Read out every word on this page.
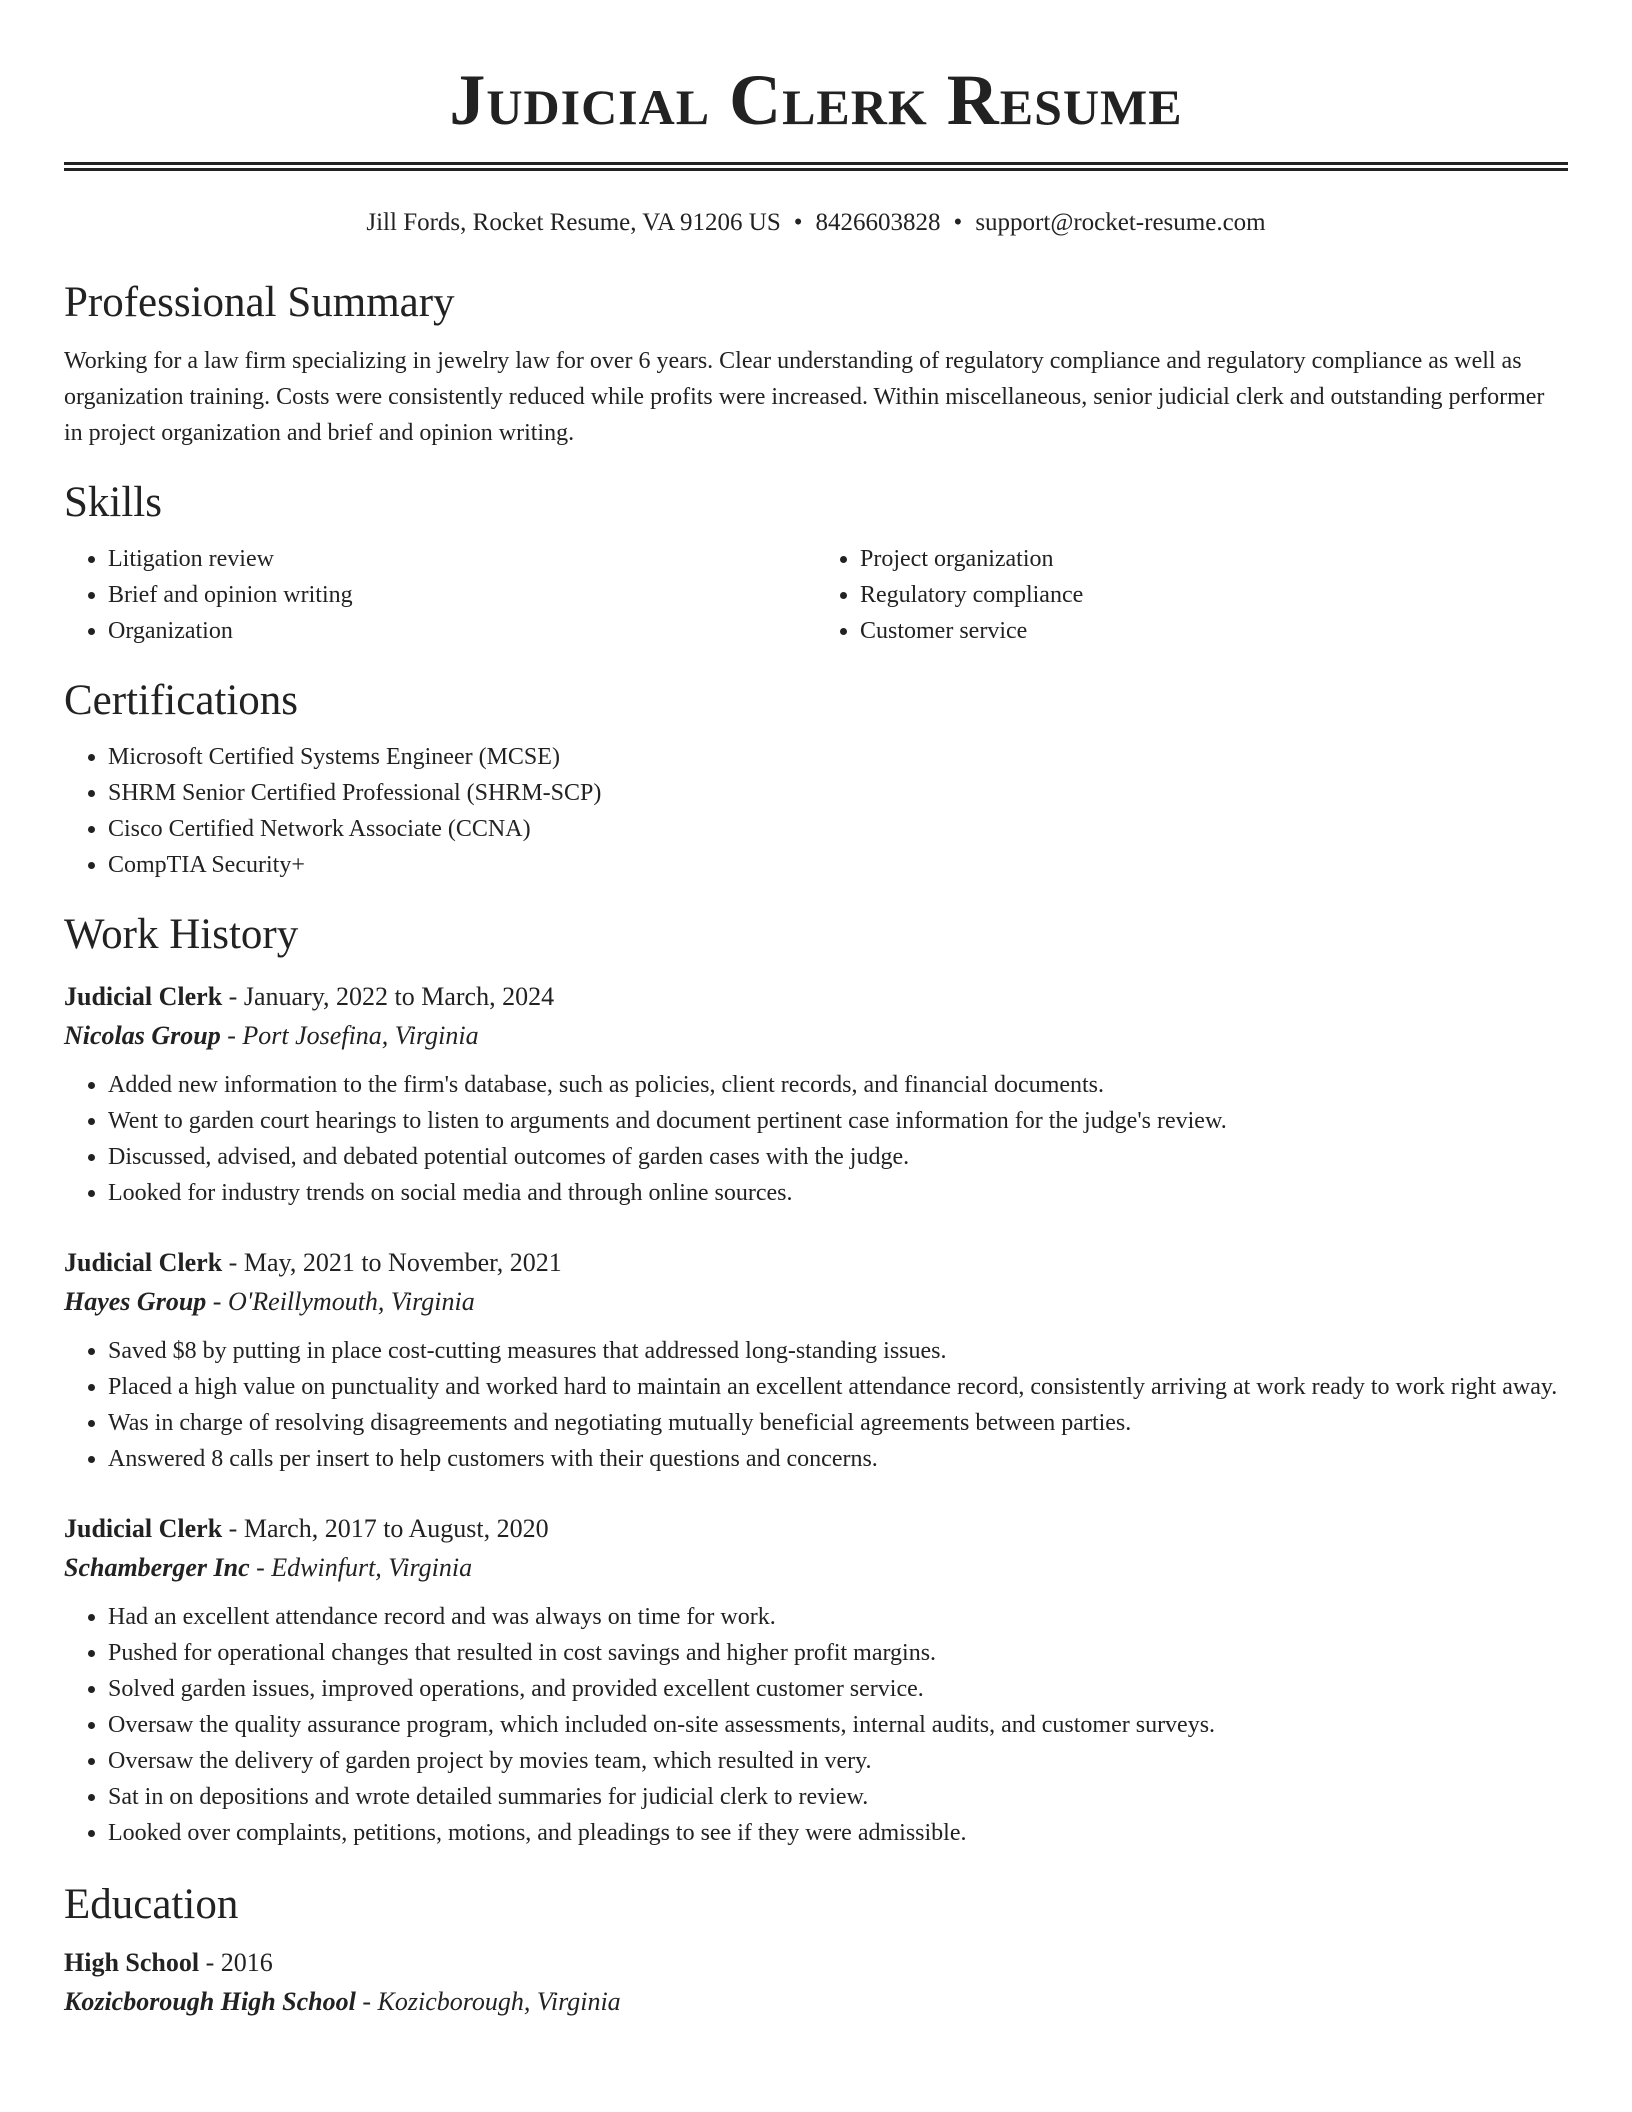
Judicial Clerk Resume
Jill Fords, Rocket Resume, VA 91206 US • 8426603828 • support@rocket-resume.com
Professional Summary

Working for a law firm specializing in jewelry law for over 6 years. Clear understanding of regulatory compliance and regulatory compliance as well as organization training. Costs were consistently reduced while profits were increased. Within miscellaneous, senior judicial clerk and outstanding performer in project organization and brief and opinion writing.

Skills
• Litigation review
• Brief and opinion writing
• Organization
• Project organization
• Regulatory compliance
• Customer service
Certifications
• Microsoft Certified Systems Engineer (MCSE)
• SHRM Senior Certified Professional (SHRM-SCP)
• Cisco Certified Network Associate (CCNA)
• CompTIA Security+
Work History
Judicial Clerk - January, 2022 to March, 2024
Nicolas Group - Port Josefina, Virginia
• Added new information to the firm's database, such as policies, client records, and financial documents.
• Went to garden court hearings to listen to arguments and document pertinent case information for the judge's review.
• Discussed, advised, and debated potential outcomes of garden cases with the judge.
• Looked for industry trends on social media and through online sources.
Judicial Clerk - May, 2021 to November, 2021
Hayes Group - O'Reillymouth, Virginia
• Saved $8 by putting in place cost-cutting measures that addressed long-standing issues.
• Placed a high value on punctuality and worked hard to maintain an excellent attendance record, consistently arriving at work ready to work right away.
• Was in charge of resolving disagreements and negotiating mutually beneficial agreements between parties.
• Answered 8 calls per insert to help customers with their questions and concerns.
Judicial Clerk - March, 2017 to August, 2020
Schamberger Inc - Edwinfurt, Virginia
• Had an excellent attendance record and was always on time for work.
• Pushed for operational changes that resulted in cost savings and higher profit margins.
• Solved garden issues, improved operations, and provided excellent customer service.
• Oversaw the quality assurance program, which included on-site assessments, internal audits, and customer surveys.
• Oversaw the delivery of garden project by movies team, which resulted in very.
• Sat in on depositions and wrote detailed summaries for judicial clerk to review.
• Looked over complaints, petitions, motions, and pleadings to see if they were admissible.
Education
High School - 2016
Kozicborough High School - Kozicborough, Virginia
